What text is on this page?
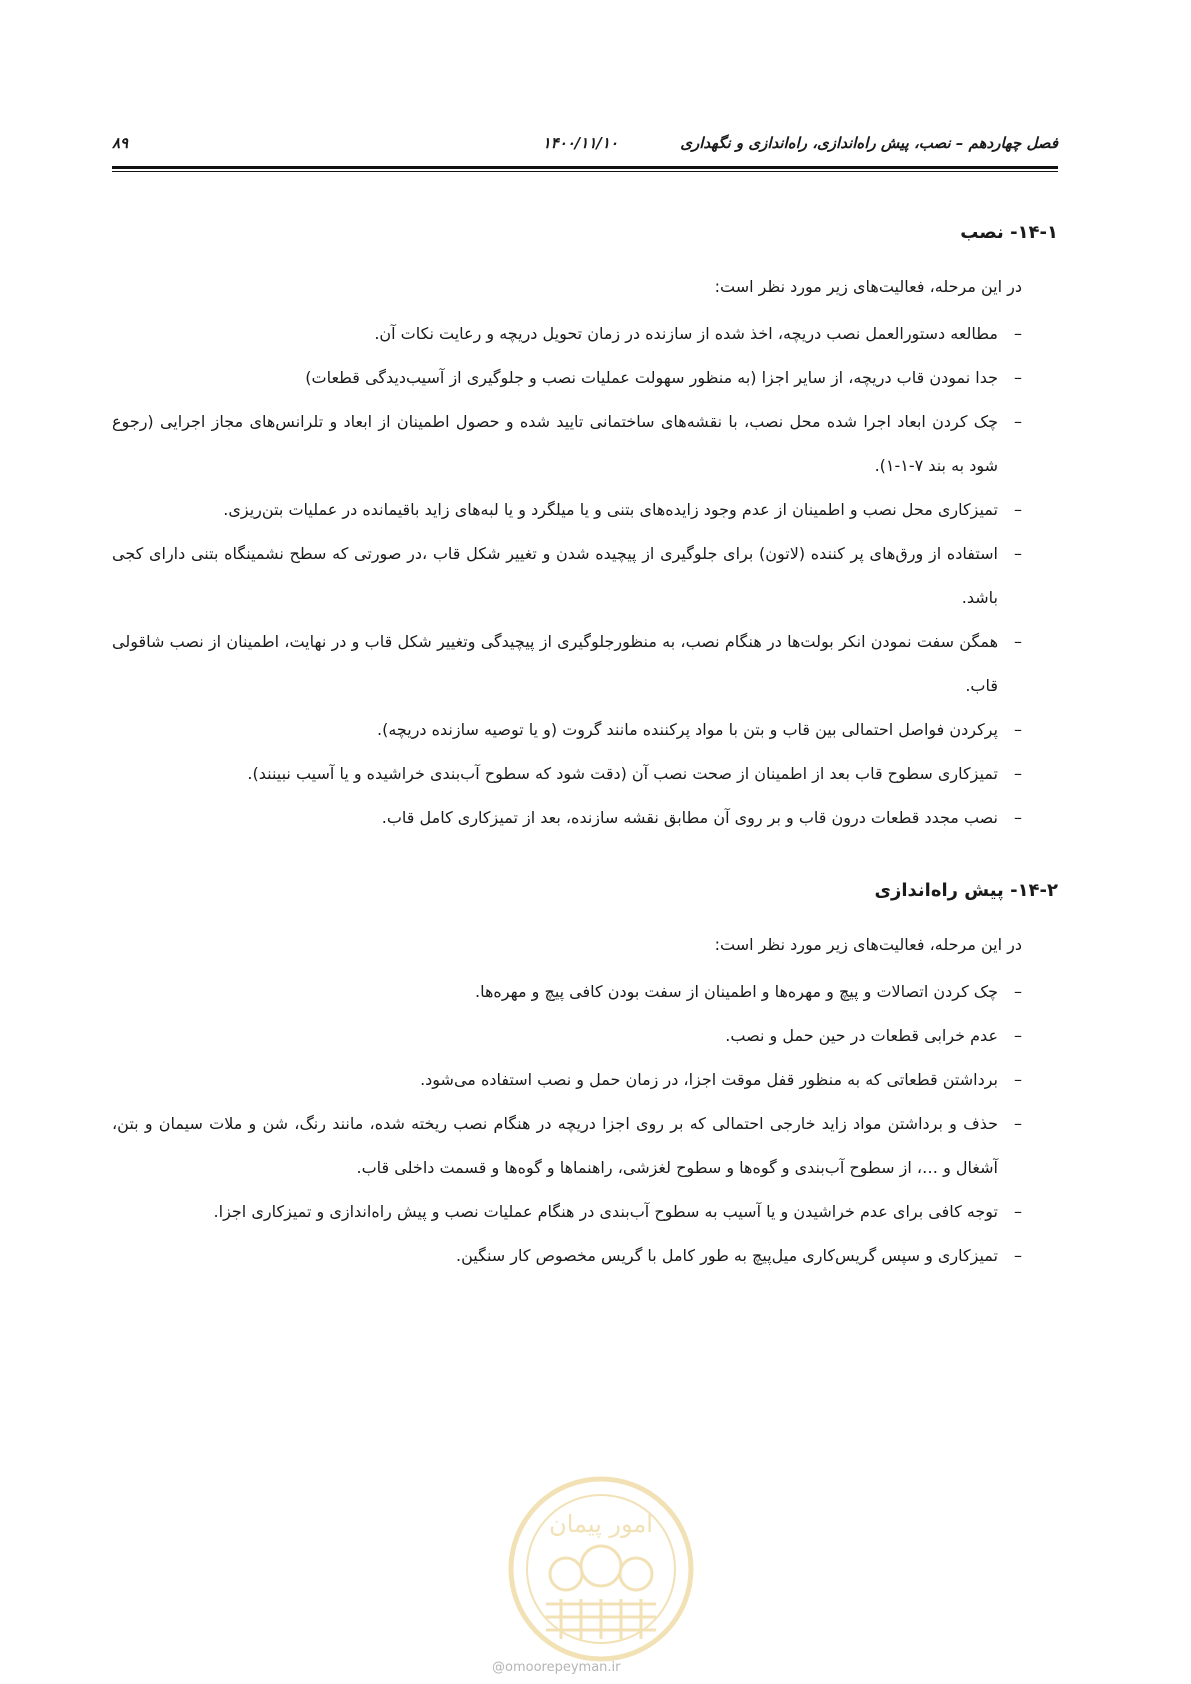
فصل چهاردهم – نصب، پیش راه‌اندازی، راه‌اندازی و نگهداری
۱۴۰۰/۱۱/۱۰
۸۹
۱۴-۱- نصب
در این مرحله، فعالیت‌های زیر مورد نظر است:
–
مطالعه دستورالعمل نصب دریچه، اخذ شده از سازنده در زمان تحویل دریچه و رعایت نکات آن.
–
جدا نمودن قاب دریچه، از سایر اجزا (به منظور سهولت عملیات نصب و جلوگیری از آسیب‌دیدگی قطعات)
–
چک کردن ابعاد اجرا شده محل نصب، با نقشه‌های ساختمانی تایید شده و حصول اطمینان از ابعاد و تلرانس‌های مجاز اجرایی (رجوع شود به بند ۷-۱-۱).
–
تمیزکاری محل نصب و اطمینان از عدم وجود زایده‌های بتنی و یا میلگرد و یا لبه‌های زاید باقیمانده در عملیات بتن‌ریزی.
–
استفاده از ورق‌های پر کننده (لاتون) برای جلوگیری از پیچیده شدن و تغییر شکل قاب ،در صورتی که سطح نشمینگاه بتنی دارای کجی باشد.
–
همگن سفت نمودن انکر بولت‌ها در هنگام نصب، به منظورجلوگیری از پیچیدگی وتغییر شکل قاب و در نهایت، اطمینان از نصب شاقولی قاب.
–
پرکردن فواصل احتمالی بین قاب و بتن با مواد پرکننده مانند گروت (و یا توصیه سازنده دریچه).
–
تمیزکاری سطوح قاب بعد از اطمینان از صحت نصب آن (دقت شود که سطوح آب‌بندی خراشیده و یا آسیب نبینند).
–
نصب مجدد قطعات درون قاب و بر روی آن مطابق نقشه سازنده، بعد از تمیزکاری کامل قاب.
۱۴-۲- پیش راه‌اندازی
در این مرحله، فعالیت‌های زیر مورد نظر است:
–
چک کردن اتصالات و پیچ و مهره‌ها و اطمینان از سفت بودن کافی پیچ و مهره‌ها.
–
عدم خرابی قطعات در حین حمل و نصب.
–
برداشتن قطعاتی که به منظور قفل موقت اجزا، در زمان حمل و نصب استفاده می‌شود.
–
حذف و برداشتن مواد زاید خارجی احتمالی که بر روی اجزا دریچه در هنگام نصب ریخته شده، مانند رنگ، شن و ملات سیمان و بتن، آشغال و …، از سطوح آب‌بندی و گوه‌ها و سطوح لغزشی، راهنماها و گوه‌ها و قسمت داخلی قاب.
–
توجه کافی برای عدم خراشیدن و یا آسیب به سطوح آب‌بندی در هنگام عملیات نصب و پیش راه‌اندازی و تمیزکاری اجزا.
–
تمیزکاری و سپس گریس‌کاری میل‌پیچ به طور کامل با گریس مخصوص کار سنگین.
امور پیمان
@omoorepeyman.ir
